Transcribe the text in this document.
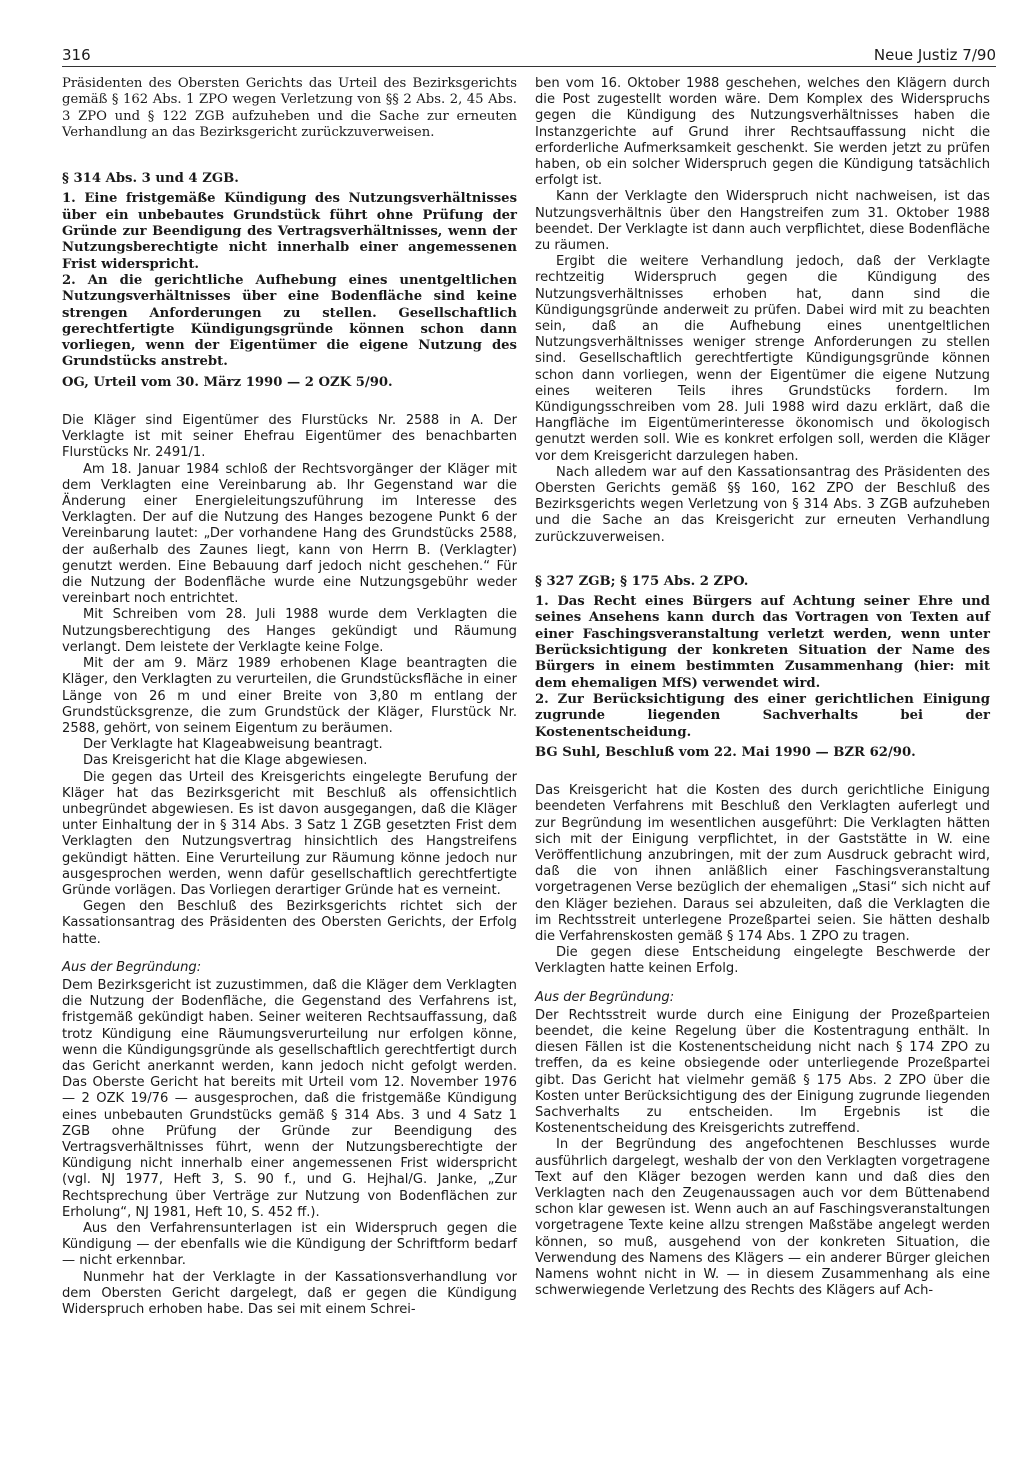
316	Neue Justiz 7/90

Präsidenten des Obersten Gerichts das Urteil des Bezirksgerichts gemäß § 162 Abs. 1 ZPO wegen Verletzung von §§ 2 Abs. 2, 45 Abs. 3 ZPO und § 122 ZGB aufzuheben und die Sache zur erneuten Verhandlung an das Bezirksgericht zurückzuverweisen.

§ 314 Abs. 3 und 4 ZGB.

1. Eine fristgemäße Kündigung des Nutzungsverhältnisses über ein unbebautes Grundstück führt ohne Prüfung der Gründe zur Beendigung des Vertragsverhältnisses, wenn der Nutzungsberechtigte nicht innerhalb einer angemessenen Frist widerspricht.

2. An die gerichtliche Aufhebung eines unentgeltlichen Nutzungsverhältnisses über eine Bodenfläche sind keine strengen Anforderungen zu stellen. Gesellschaftlich gerechtfertigte Kündigungsgründe können schon dann vorliegen, wenn der Eigentümer die eigene Nutzung des Grundstücks anstrebt.

OG, Urteil vom 30. März 1990 — 2 OZK 5/90.

Die Kläger sind Eigentümer des Flurstücks Nr. 2588 in A. Der Verklagte ist mit seiner Ehefrau Eigentümer des benachbarten Flurstücks Nr. 2491/1.

Am 18. Januar 1984 schloß der Rechtsvorgänger der Kläger mit dem Verklagten eine Vereinbarung ab. Ihr Gegenstand war die Änderung einer Energieleitungszuführung im Interesse des Verklagten. Der auf die Nutzung des Hanges bezogene Punkt 6 der Vereinbarung lautet: „Der vorhandene Hang des Grundstücks 2588, der außerhalb des Zaunes liegt, kann von Herrn B. (Verklagter) genutzt werden. Eine Bebauung darf jedoch nicht geschehen.“ Für die Nutzung der Bodenfläche wurde eine Nutzungsgebühr weder vereinbart noch entrichtet.

Mit Schreiben vom 28. Juli 1988 wurde dem Verklagten die Nutzungsberechtigung des Hanges gekündigt und Räumung verlangt. Dem leistete der Verklagte keine Folge.

Mit der am 9. März 1989 erhobenen Klage beantragten die Kläger, den Verklagten zu verurteilen, die Grundstücksfläche in einer Länge von 26 m und einer Breite von 3,80 m entlang der Grundstücksgrenze, die zum Grundstück der Kläger, Flurstück Nr. 2588, gehört, von seinem Eigentum zu beräumen.

Der Verklagte hat Klageabweisung beantragt.

Das Kreisgericht hat die Klage abgewiesen.

Die gegen das Urteil des Kreisgerichts eingelegte Berufung der Kläger hat das Bezirksgericht mit Beschluß als offensichtlich unbegründet abgewiesen. Es ist davon ausgegangen, daß die Kläger unter Einhaltung der in § 314 Abs. 3 Satz 1 ZGB gesetzten Frist dem Verklagten den Nutzungsvertrag hinsichtlich des Hangstreifens gekündigt hätten. Eine Verurteilung zur Räumung könne jedoch nur ausgesprochen werden, wenn dafür gesellschaftlich gerechtfertigte Gründe vorlägen. Das Vorliegen derartiger Gründe hat es verneint.

Gegen den Beschluß des Bezirksgerichts richtet sich der Kassationsantrag des Präsidenten des Obersten Gerichts, der Erfolg hatte.

Aus der Begründung:

Dem Bezirksgericht ist zuzustimmen, daß die Kläger dem Verklagten die Nutzung der Bodenfläche, die Gegenstand des Verfahrens ist, fristgemäß gekündigt haben. Seiner weiteren Rechtsauffassung, daß trotz Kündigung eine Räumungsverurteilung nur erfolgen könne, wenn die Kündigungsgründe als gesellschaftlich gerechtfertigt durch das Gericht anerkannt werden, kann jedoch nicht gefolgt werden. Das Oberste Gericht hat bereits mit Urteil vom 12. November 1976 — 2 OZK 19/76 — ausgesprochen, daß die fristgemäße Kündigung eines unbebauten Grundstücks gemäß § 314 Abs. 3 und 4 Satz 1 ZGB ohne Prüfung der Gründe zur Beendigung des Vertragsverhältnisses führt, wenn der Nutzungsberechtigte der Kündigung nicht innerhalb einer angemessenen Frist widerspricht (vgl. NJ 1977, Heft 3, S. 90 f., und G. Hejhal/G. Janke, „Zur Rechtsprechung über Verträge zur Nutzung von Bodenflächen zur Erholung“, NJ 1981, Heft 10, S. 452 ff.).

Aus den Verfahrensunterlagen ist ein Widerspruch gegen die Kündigung — der ebenfalls wie die Kündigung der Schriftform bedarf — nicht erkennbar.

Nunmehr hat der Verklagte in der Kassationsverhandlung vor dem Obersten Gericht dargelegt, daß er gegen die Kündigung Widerspruch erhoben habe. Das sei mit einem Schrei-

ben vom 16. Oktober 1988 geschehen, welches den Klägern durch die Post zugestellt worden wäre. Dem Komplex des Widerspruchs gegen die Kündigung des Nutzungsverhältnisses haben die Instanzgerichte auf Grund ihrer Rechtsauffassung nicht die erforderliche Aufmerksamkeit geschenkt. Sie werden jetzt zu prüfen haben, ob ein solcher Widerspruch gegen die Kündigung tatsächlich erfolgt ist.

Kann der Verklagte den Widerspruch nicht nachweisen, ist das Nutzungsverhältnis über den Hangstreifen zum 31. Oktober 1988 beendet. Der Verklagte ist dann auch verpflichtet, diese Bodenfläche zu räumen.

Ergibt die weitere Verhandlung jedoch, daß der Verklagte rechtzeitig Widerspruch gegen die Kündigung des Nutzungsverhältnisses erhoben hat, dann sind die Kündigungsgründe anderweit zu prüfen. Dabei wird mit zu beachten sein, daß an die Aufhebung eines unentgeltlichen Nutzungsverhältnisses weniger strenge Anforderungen zu stellen sind. Gesellschaftlich gerechtfertigte Kündigungsgründe können schon dann vorliegen, wenn der Eigentümer die eigene Nutzung eines weiteren Teils ihres Grundstücks fordern. Im Kündigungsschreiben vom 28. Juli 1988 wird dazu erklärt, daß die Hangfläche im Eigentümerinteresse ökonomisch und ökologisch genutzt werden soll. Wie es konkret erfolgen soll, werden die Kläger vor dem Kreisgericht darzulegen haben.

Nach alledem war auf den Kassationsantrag des Präsidenten des Obersten Gerichts gemäß §§ 160, 162 ZPO der Beschluß des Bezirksgerichts wegen Verletzung von § 314 Abs. 3 ZGB aufzuheben und die Sache an das Kreisgericht zur erneuten Verhandlung zurückzuverweisen.

§ 327 ZGB; § 175 Abs. 2 ZPO.

1. Das Recht eines Bürgers auf Achtung seiner Ehre und seines Ansehens kann durch das Vortragen von Texten auf einer Faschingsveranstaltung verletzt werden, wenn unter Berücksichtigung der konkreten Situation der Name des Bürgers in einem bestimmten Zusammenhang (hier: mit dem ehemaligen MfS) verwendet wird.

2. Zur Berücksichtigung des einer gerichtlichen Einigung zugrunde liegenden Sachverhalts bei der Kostenentscheidung.

BG Suhl, Beschluß vom 22. Mai 1990 — BZR 62/90.

Das Kreisgericht hat die Kosten des durch gerichtliche Einigung beendeten Verfahrens mit Beschluß den Verklagten auferlegt und zur Begründung im wesentlichen ausgeführt: Die Verklagten hätten sich mit der Einigung verpflichtet, in der Gaststätte in W. eine Veröffentlichung anzubringen, mit der zum Ausdruck gebracht wird, daß die von ihnen anläßlich einer Faschingsveranstaltung vorgetragenen Verse bezüglich der ehemaligen „Stasi“ sich nicht auf den Kläger beziehen. Daraus sei abzuleiten, daß die Verklagten die im Rechtsstreit unterlegene Prozeßpartei seien. Sie hätten deshalb die Verfahrenskosten gemäß § 174 Abs. 1 ZPO zu tragen.

Die gegen diese Entscheidung eingelegte Beschwerde der Verklagten hatte keinen Erfolg.

Aus der Begründung:

Der Rechtsstreit wurde durch eine Einigung der Prozeßparteien beendet, die keine Regelung über die Kostentragung enthält. In diesen Fällen ist die Kostenentscheidung nicht nach § 174 ZPO zu treffen, da es keine obsiegende oder unterliegende Prozeßpartei gibt. Das Gericht hat vielmehr gemäß § 175 Abs. 2 ZPO über die Kosten unter Berücksichtigung des der Einigung zugrunde liegenden Sachverhalts zu entscheiden. Im Ergebnis ist die Kostenentscheidung des Kreisgerichts zutreffend.

In der Begründung des angefochtenen Beschlusses wurde ausführlich dargelegt, weshalb der von den Verklagten vorgetragene Text auf den Kläger bezogen werden kann und daß dies den Verklagten nach den Zeugenaussagen auch vor dem Büttenabend schon klar gewesen ist. Wenn auch an auf Faschingsveranstaltungen vorgetragene Texte keine allzu strengen Maßstäbe angelegt werden können, so muß, ausgehend von der konkreten Situation, die Verwendung des Namens des Klägers — ein anderer Bürger gleichen Namens wohnt nicht in W. — in diesem Zusammenhang als eine schwerwiegende Verletzung des Rechts des Klägers auf Ach-
